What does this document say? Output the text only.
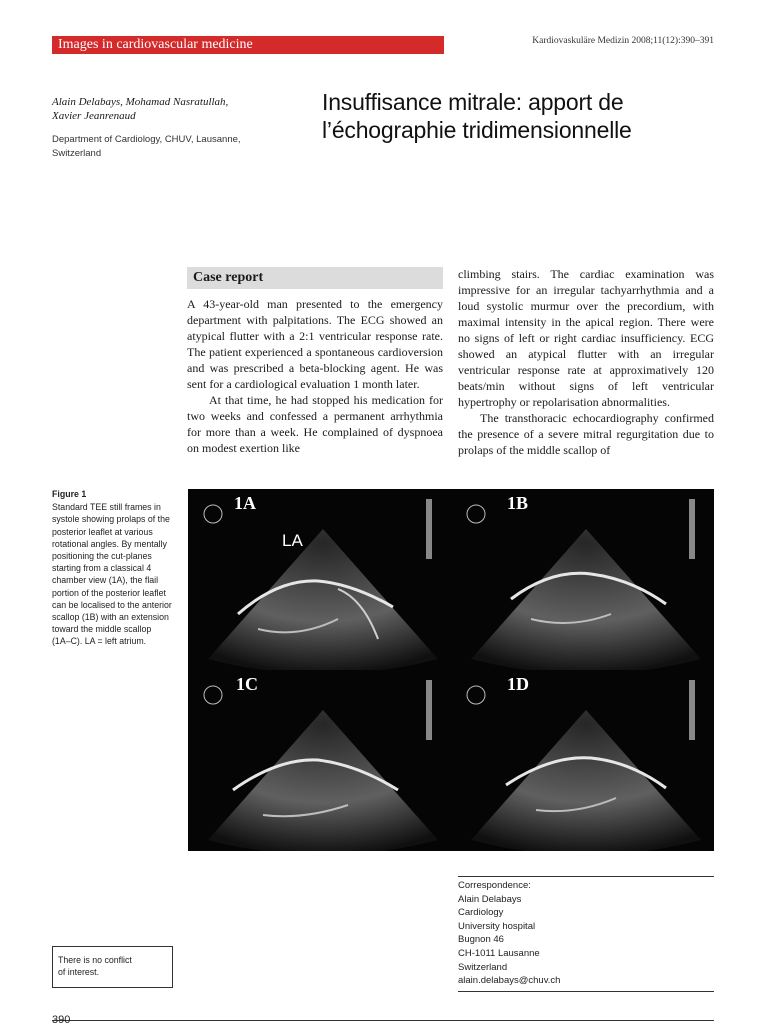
Images in cardiovascular medicine	Kardiovaskuläre Medizin 2008;11(12):390–391
Alain Delabays, Mohamad Nasratullah,
Xavier Jeanrenaud
Department of Cardiology, CHUV, Lausanne,
Switzerland
Insuffisance mitrale: apport de
l’échographie tridimensionnelle
Case report

A 43-year-old man presented to the emergency department with palpitations. The ECG showed an atypical flutter with a 2:1 ventricular response rate. The patient experienced a spontaneous cardioversion and was prescribed a beta-blocking agent. He was sent for a cardiological evaluation 1 month later.

At that time, he had stopped his medication for two weeks and confessed a permanent arrhythmia for more than a week. He complained of dyspnoea on modest exertion like

climbing stairs. The cardiac examination was impressive for an irregular tachyarrhythmia and a loud systolic murmur over the precordium, with maximal intensity in the apical region. There were no signs of left or right cardiac insufficiency. ECG showed an atypical flutter with an irregular ventricular response rate at approximatively 120 beats/min without signs of left ventricular hypertrophy or repolarisation abnormalities.

The transthoracic echocardiography confirmed the presence of a severe mitral regurgitation due to prolaps of the middle scallop of

Figure 1
Standard TEE still frames in systole showing prolaps of the posterior leaflet at various rotational angles. By mentally positioning the cut-planes starting from a classical 4 chamber view (1A), the flail portion of the posterior leaflet can be localised to the anterior scallop (1B) with an extension toward the middle scallop (1A–C). LA = left atrium.
1A
LA
1B
1C	1D
Correspondence:
Alain Delabays
Cardiology
University hospital
Bugnon 46
CH-1011 Lausanne
Switzerland
alain.delabays@chuv.ch
There is no conflict
of interest.
390
